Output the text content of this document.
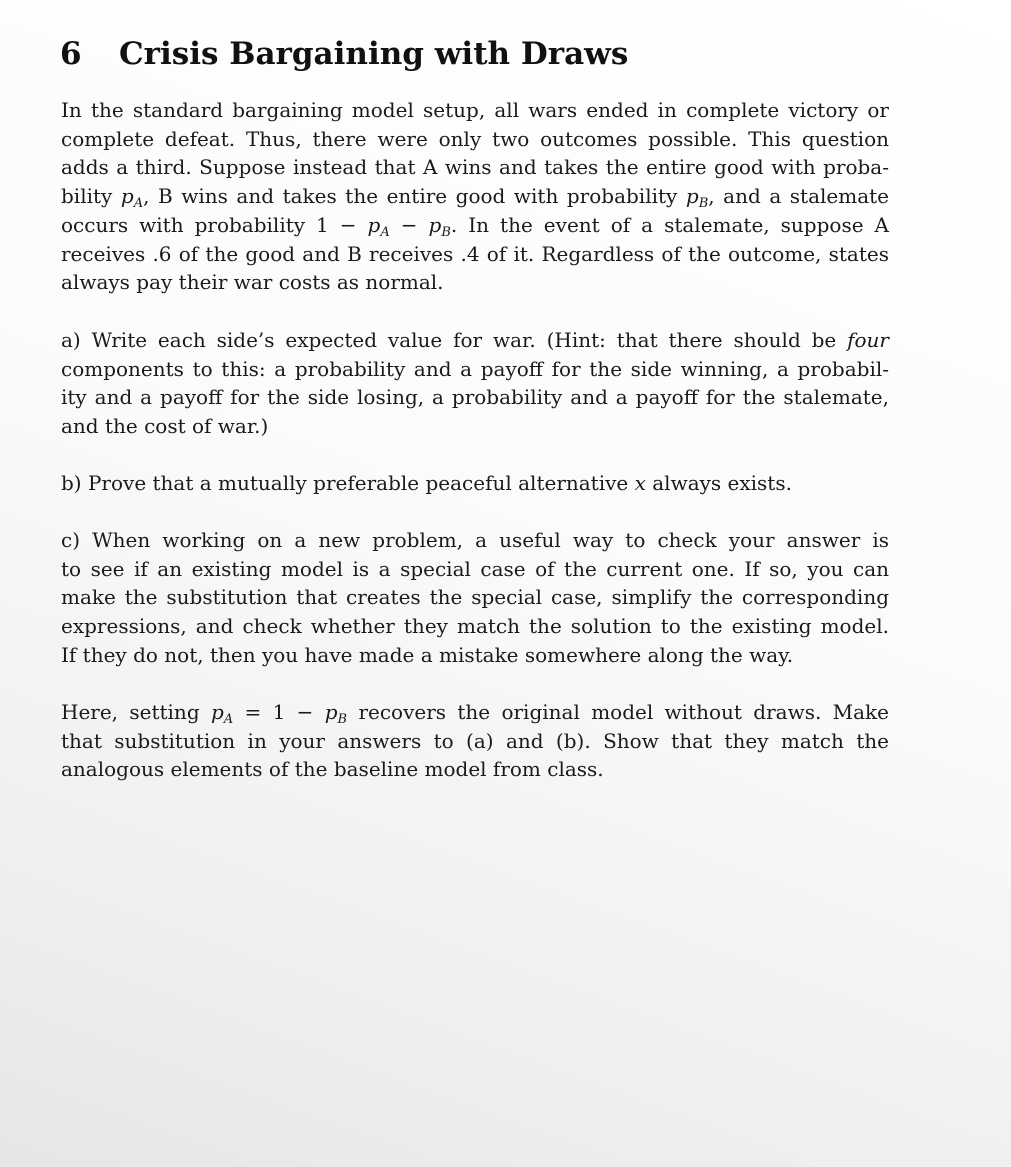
6 Crisis Bargaining with Draws

In the standard bargaining model setup, all wars ended in complete victory or
complete defeat. Thus, there were only two outcomes possible. This question
adds a third. Suppose instead that A wins and takes the entire good with proba-
bility $p_A$, B wins and takes the entire good with probability $p_B$, and a stalemate
occurs with probability $1 - p_A - p_B$. In the event of a stalemate, suppose A
receives .6 of the good and B receives .4 of it. Regardless of the outcome, states
always pay their war costs as normal.

a) Write each side’s expected value for war. (Hint: that there should be four
components to this: a probability and a payoff for the side winning, a probabil-
ity and a payoff for the side losing, a probability and a payoff for the stalemate,
and the cost of war.)

b) Prove that a mutually preferable peaceful alternative x always exists.

c) When working on a new problem, a useful way to check your answer is
to see if an existing model is a special case of the current one. If so, you can
make the substitution that creates the special case, simplify the corresponding
expressions, and check whether they match the solution to the existing model.
If they do not, then you have made a mistake somewhere along the way.

Here, setting $p_A = 1 - p_B$ recovers the original model without draws. Make
that substitution in your answers to (a) and (b). Show that they match the
analogous elements of the baseline model from class.
